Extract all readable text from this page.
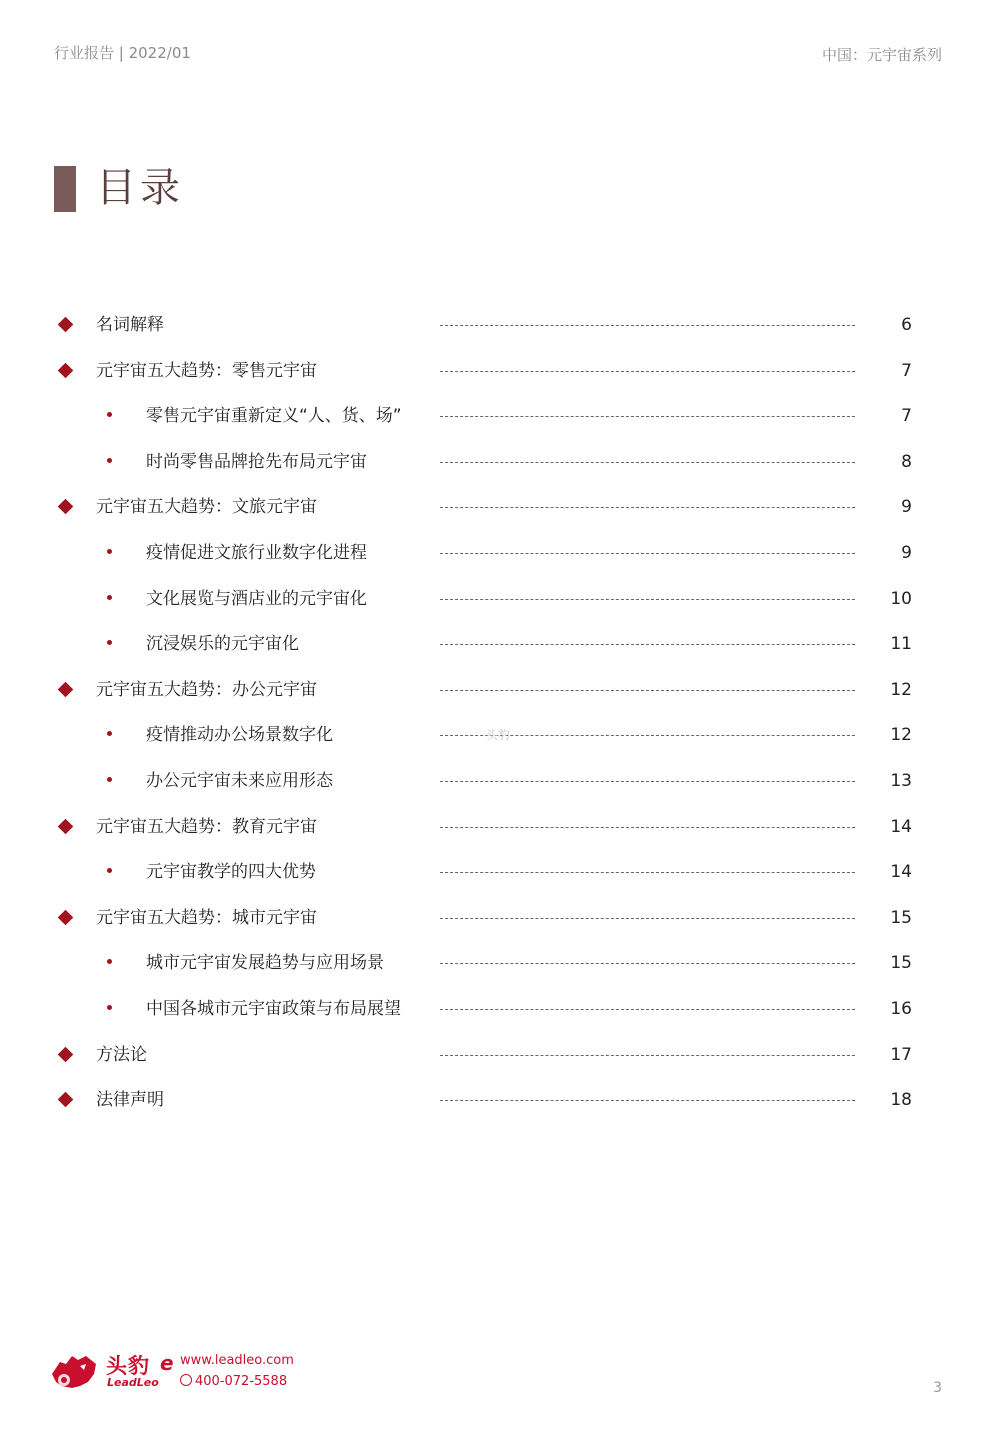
行业报告 | 2022/01	中国：元宇宙系列
目录
名词解释	6
元宇宙五大趋势：零售元宇宙	7
零售元宇宙重新定义“人、货、场”	7
时尚零售品牌抢先布局元宇宙	8
元宇宙五大趋势：文旅元宇宙	9
疫情促进文旅行业数字化进程	9
文化展览与酒店业的元宇宙化	10
沉浸娱乐的元宇宙化	11
元宇宙五大趋势：办公元宇宙	12
疫情推动办公场景数字化	12
办公元宇宙未来应用形态	13
元宇宙五大趋势：教育元宇宙	14
元宇宙教学的四大优势	14
元宇宙五大趋势：城市元宇宙	15
城市元宇宙发展趋势与应用场景	15
中国各城市元宇宙政策与布局展望	16
方法论	17
法律声明	18
头豹
头豹 e
LeadLeo
www.leadleo.com
400-072-5588	3
